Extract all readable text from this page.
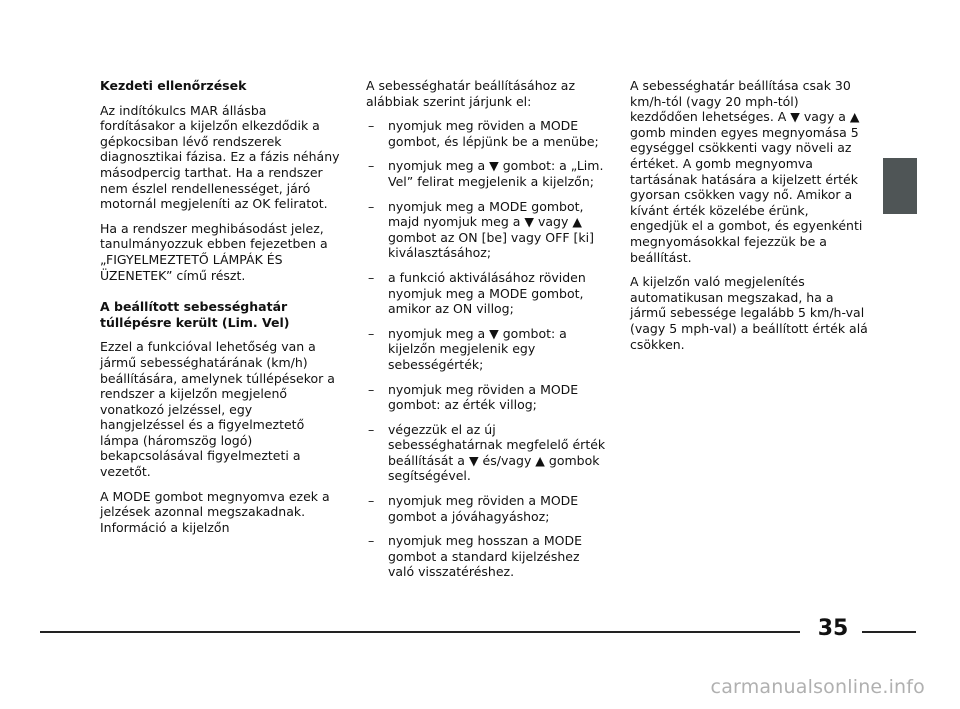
Kezdeti ellenőrzések

Az indítókulcs MAR állásba fordításakor a kijelzőn elkezdődik a gépkocsiban lévő rendszerek diagnosztikai fázisa. Ez a fázis néhány másodpercig tarthat. Ha a rendszer nem észlel rendellenességet, járó motornál megjeleníti az OK feliratot.

Ha a rendszer meghibásodást jelez, tanulmányozzuk ebben fejezetben a „FIGYELMEZTETŐ LÁMPÁK ÉS ÜZENETEK” című részt.

A beállított sebességhatár túllépésre került (Lim. Vel)

Ezzel a funkcióval lehetőség van a jármű sebességhatárának (km/h) beállítására, amelynek túllépésekor a rendszer a kijelzőn megjelenő vonatkozó jelzéssel, egy hangjelzéssel és a figyelmeztető lámpa (háromszög logó) bekapcsolásával figyelmezteti a vezetőt.

A MODE gombot megnyomva ezek a jelzések azonnal megszakadnak. Információ a kijelzőn

A sebességhatár beállításához az alábbiak szerint járjunk el:

– nyomjuk meg röviden a MODE gombot, és lépjünk be a menübe;
– nyomjuk meg a ▼ gombot: a „Lim. Vel” felirat megjelenik a kijelzőn;
– nyomjuk meg a MODE gombot, majd nyomjuk meg a ▼ vagy ▲ gombot az ON [be] vagy OFF [ki] kiválasztásához;
– a funkció aktiválásához röviden nyomjuk meg a MODE gombot, amikor az ON villog;
– nyomjuk meg a ▼ gombot: a kijelzőn megjelenik egy sebességérték;
– nyomjuk meg röviden a MODE gombot: az érték villog;
– végezzük el az új sebességhatárnak megfelelő érték beállítását a ▼ és/vagy ▲ gombok segítségével.
– nyomjuk meg röviden a MODE gombot a jóváhagyáshoz;
– nyomjuk meg hosszan a MODE gombot a standard kijelzéshez való visszatéréshez.

A sebességhatár beállítása csak 30 km/h-tól (vagy 20 mph-tól) kezdődően lehetséges. A ▼ vagy a ▲ gomb minden egyes megnyomása 5 egységgel csökkenti vagy növeli az értéket. A gomb megnyomva tartásának hatására a kijelzett érték gyorsan csökken vagy nő. Amikor a kívánt érték közelébe érünk, engedjük el a gombot, és egyenkénti megnyomásokkal fejezzük be a beállítást.

A kijelzőn való megjelenítés automatikusan megszakad, ha a jármű sebessége legalább 5 km/h-val (vagy 5 mph-val) a beállított érték alá csökken.

35
carmanualsonline.info
